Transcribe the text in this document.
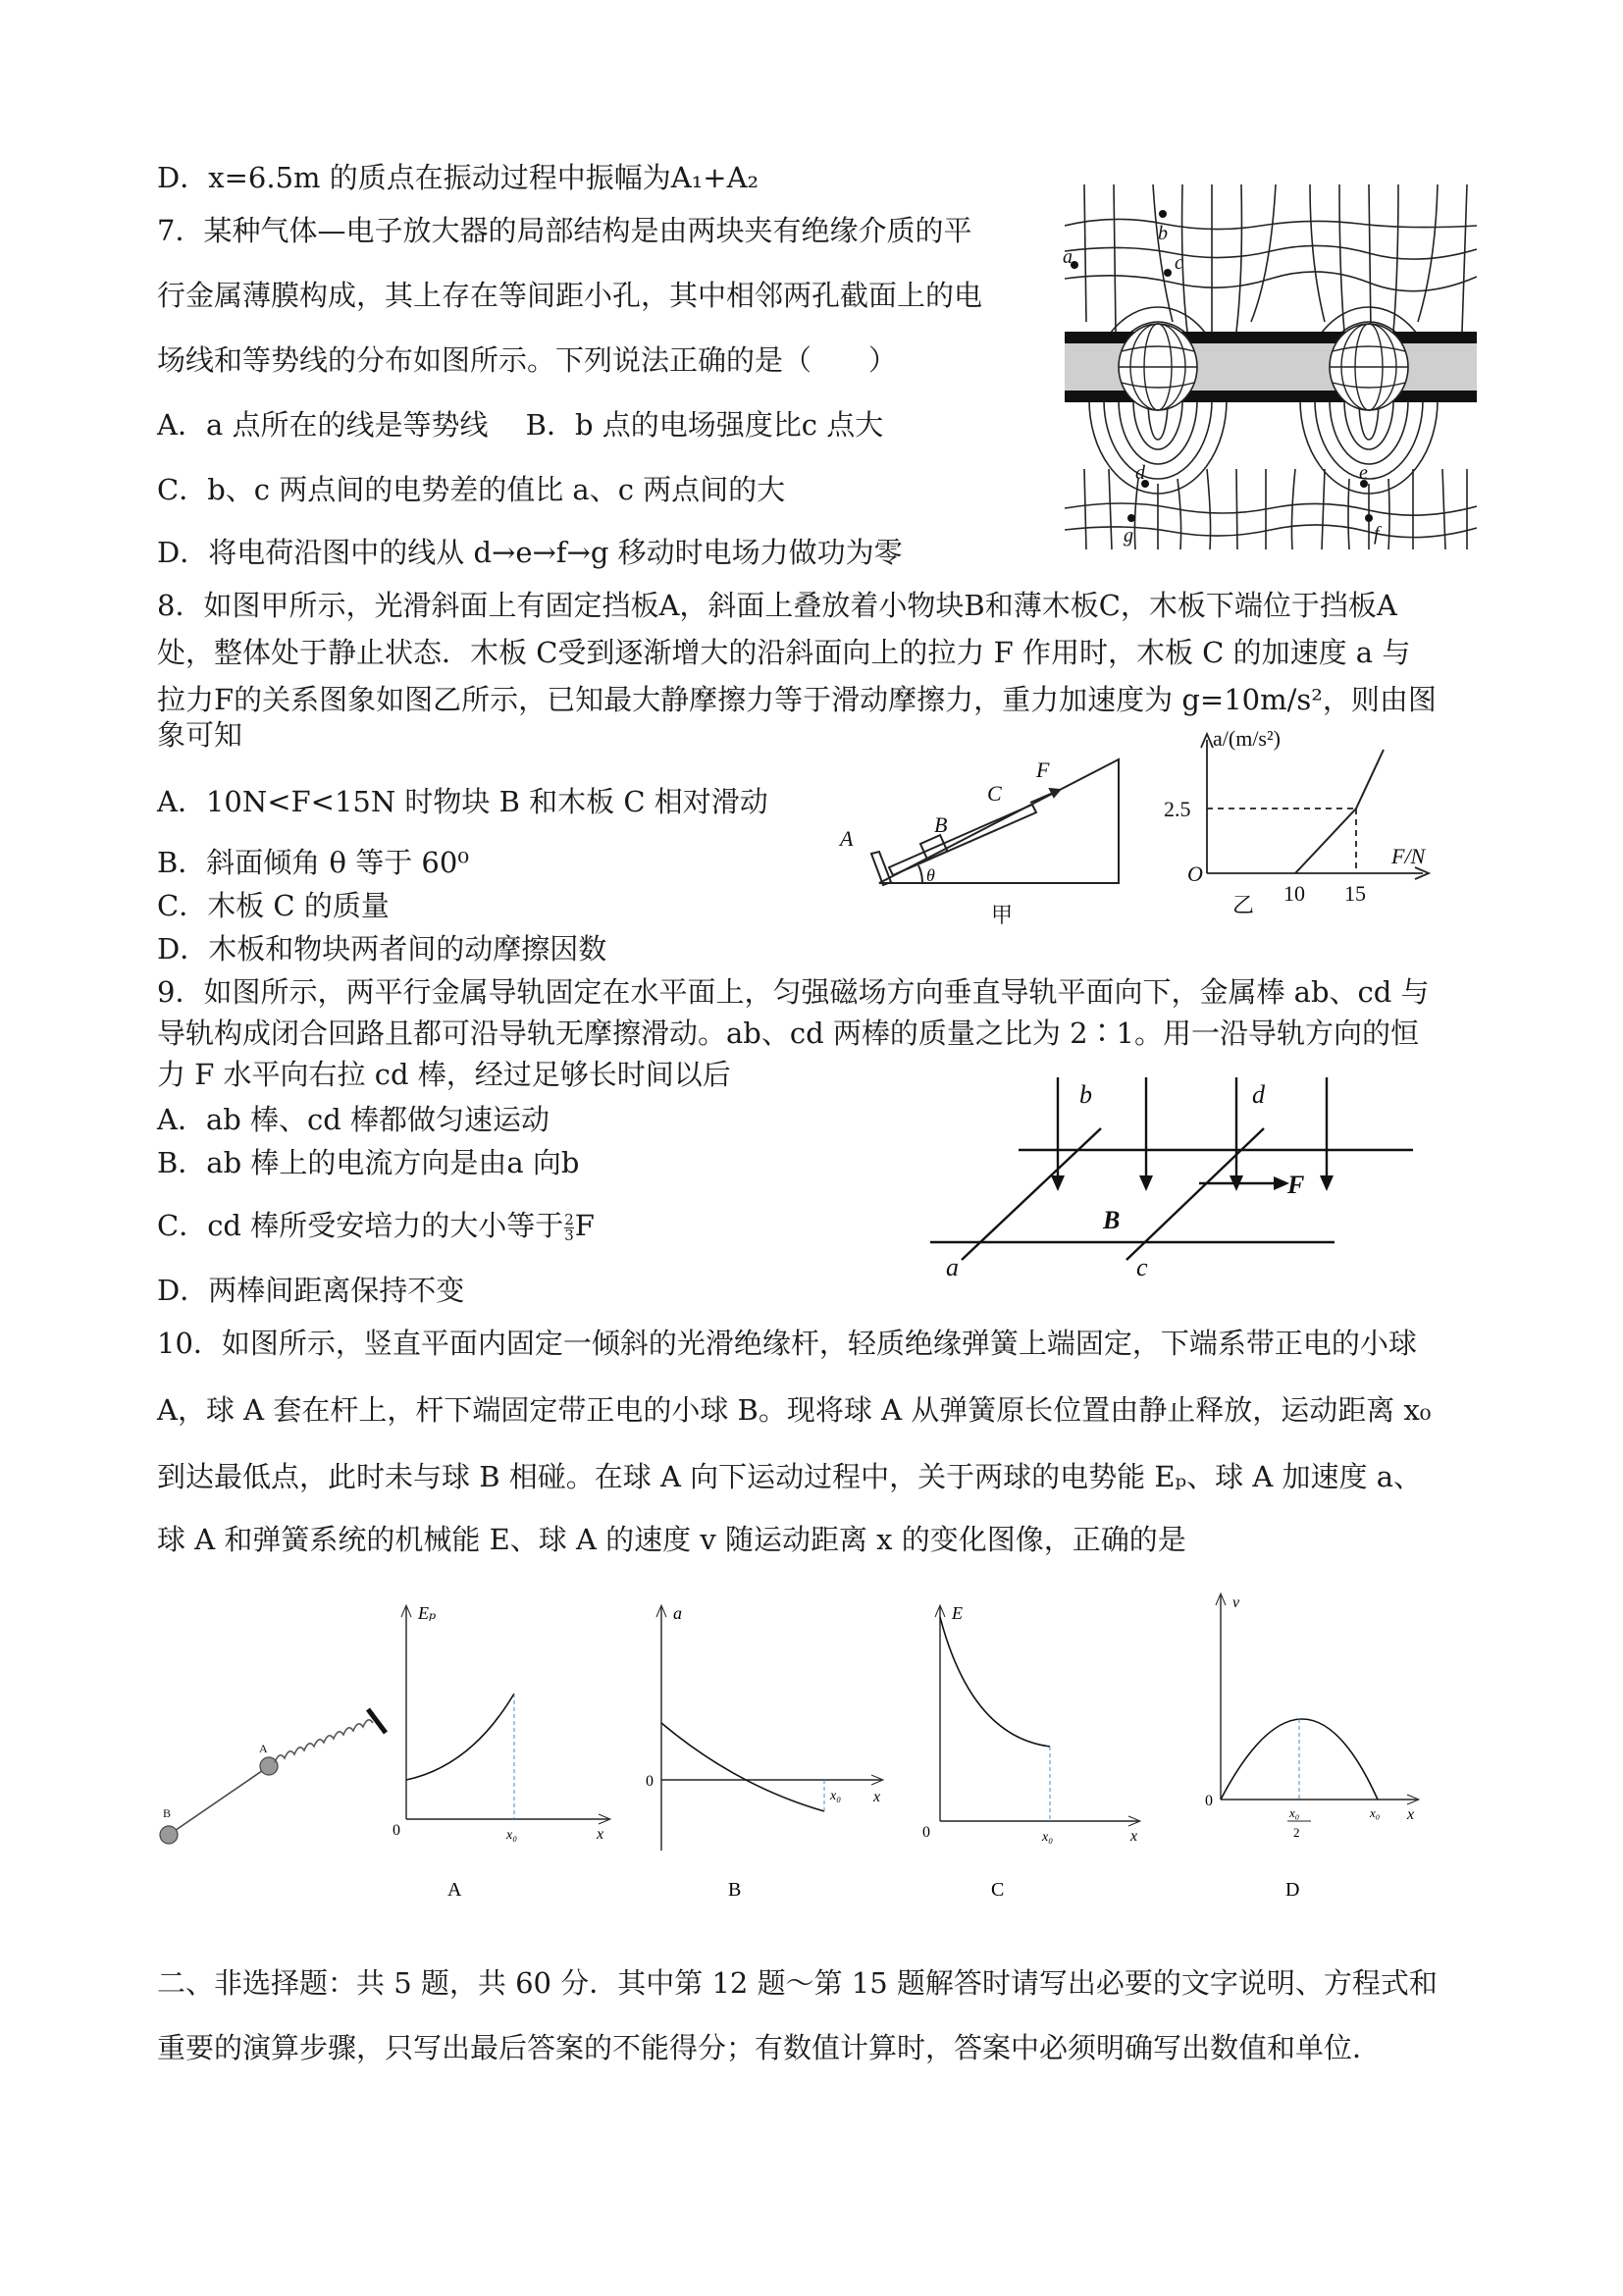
D．x=6.5m 的质点在振动过程中振幅为A₁+A₂
7．某种气体—电子放大器的局部结构是由两块夹有绝缘介质的平
行金属薄膜构成，其上存在等间距小孔，其中相邻两孔截面上的电
场线和等势线的分布如图所示。下列说法正确的是（　　）
A．a 点所在的线是等势线　 B．b 点的电场强度比c 点大
C．b、c 两点间的电势差的值比 a、c 两点间的大
D．将电荷沿图中的线从 d→e→f→g 移动时电场力做功为零
8．如图甲所示，光滑斜面上有固定挡板A，斜面上叠放着小物块B和薄木板C，木板下端位于挡板A
处，整体处于静止状态．木板 C受到逐渐增大的沿斜面向上的拉力 F 作用时，木板 C 的加速度 a 与
拉力F的关系图象如图乙所示，已知最大静摩擦力等于滑动摩擦力，重力加速度为 g=10m/s²，则由图
象可知
A．10N<F<15N 时物块 B 和木板 C 相对滑动
B．斜面倾角 θ 等于 60⁰
C．木板 C 的质量
D．木板和物块两者间的动摩擦因数
9．如图所示，两平行金属导轨固定在水平面上，匀强磁场方向垂直导轨平面向下，金属棒 ab、cd 与
导轨构成闭合回路且都可沿导轨无摩擦滑动。ab、cd 两棒的质量之比为 2∶1。用一沿导轨方向的恒
力 F 水平向右拉 cd 棒，经过足够长时间以后
A．ab 棒、cd 棒都做匀速运动
B．ab 棒上的电流方向是由a 向b
C．cd 棒所受安培力的大小等于 $\frac{2}{3}$ F
D．两棒间距离保持不变
10．如图所示，竖直平面内固定一倾斜的光滑绝缘杆，轻质绝缘弹簧上端固定，下端系带正电的小球
A，球 A 套在杆上，杆下端固定带正电的小球 B。现将球 A 从弹簧原长位置由静止释放，运动距离 x₀
到达最低点，此时未与球 B 相碰。在球 A 向下运动过程中，关于两球的电势能 Eₚ、球 A 加速度 a、
球 A 和弹簧系统的机械能 E、球 A 的速度 v 随运动距离 x 的变化图像，正确的是
二、非选择题：共 5 题，共 60 分．其中第 12 题～第 15 题解答时请写出必要的文字说明、方程式和
重要的演算步骤，只写出最后答案的不能得分；有数值计算时，答案中必须明确写出数值和单位．
a
b
c
d	e
f
g
A
B
C
F
θ
甲
a/(m/s²)
F/N
O
2.5
10 15
乙
b	d
a	c
B
F
B
A
Eₚ
0	x₀	x
A
a
0
x₀ x
B
E
0	x₀	x
C
v
0
x₀
2
x₀ x
D
